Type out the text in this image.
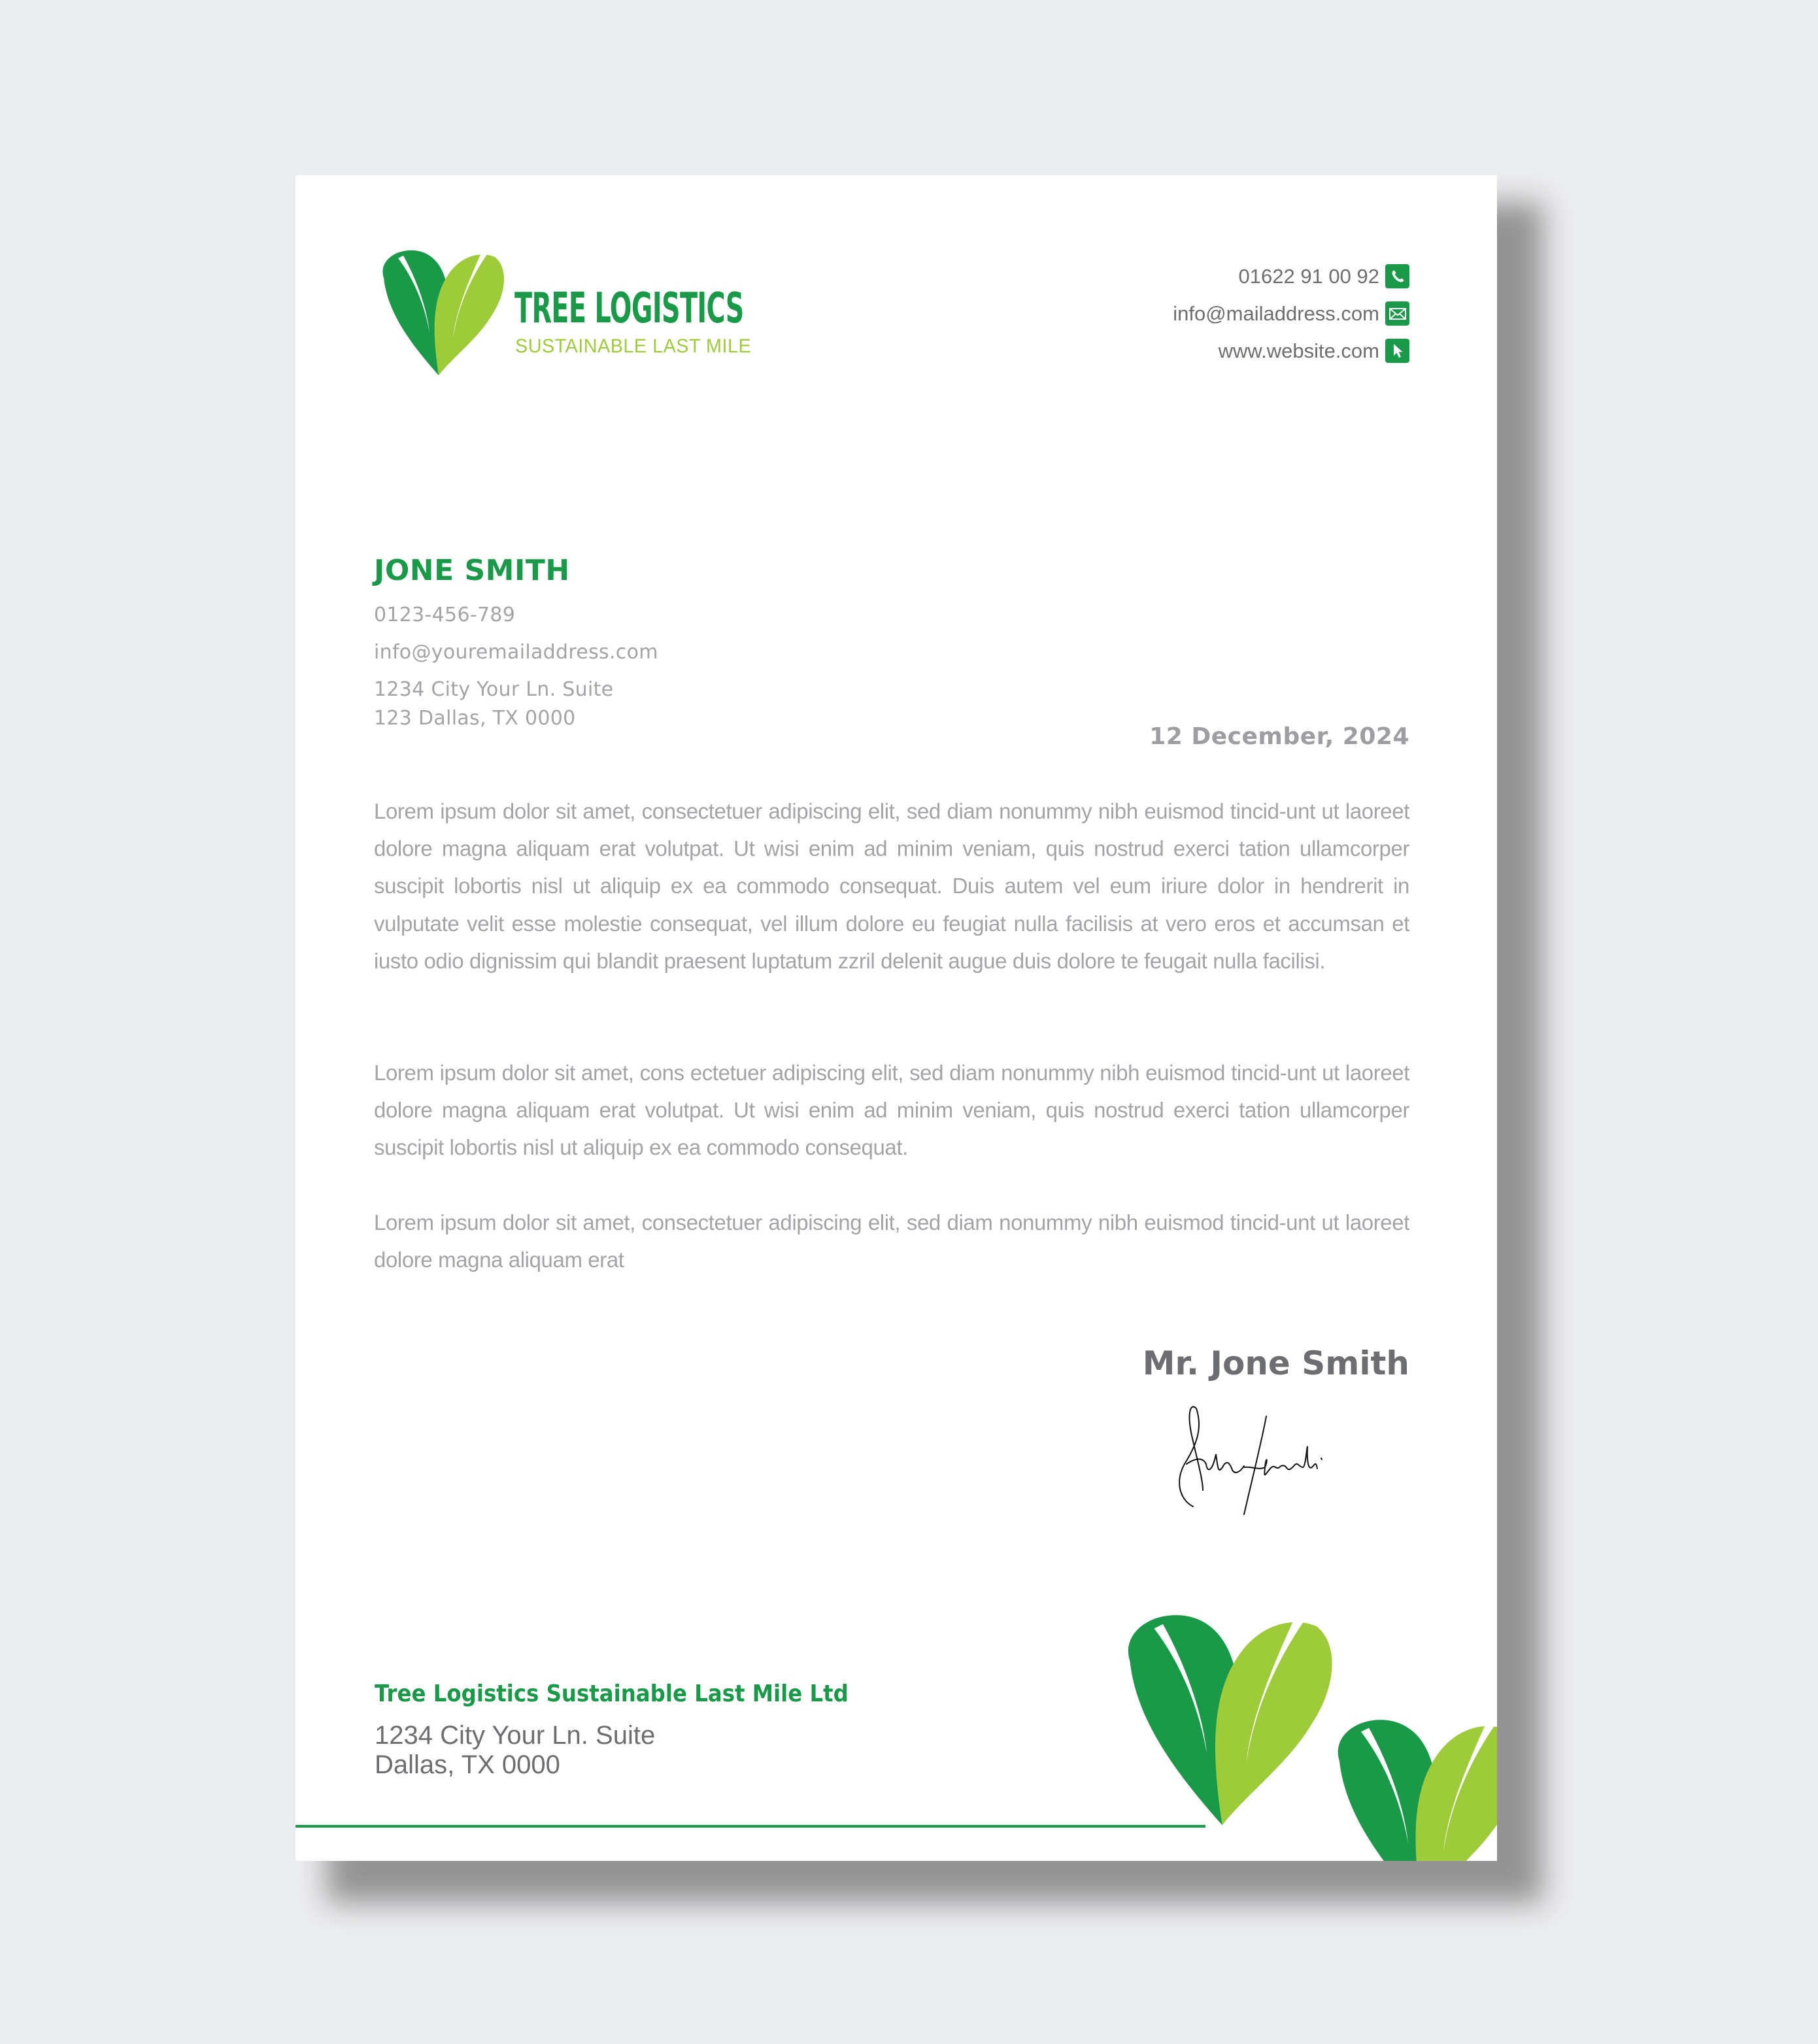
TREE LOGISTICS
SUSTAINABLE LAST MILE
01622 91 00 92
info@mailaddress.com
www.website.com
JONE SMITH
0123-456-789
info@youremailaddress.com
1234 City Your Ln. Suite
123 Dallas, TX 0000
12 December, 2024
Lorem ipsum dolor sit amet, consectetuer adipiscing elit, sed diam nonummy nibh euismod tincid-unt ut laoreet dolore magna aliquam erat volutpat. Ut wisi enim ad minim veniam, quis nostrud exerci tation ullamcorper suscipit lobortis nisl ut aliquip ex ea commodo consequat. Duis autem vel eum iriure dolor in hendrerit in vulputate velit esse molestie consequat, vel illum dolore eu feugiat nulla facilisis at vero eros et accumsan et iusto odio dignissim qui blandit praesent luptatum zzril delenit augue duis dolore te feugait nulla facilisi.
Lorem ipsum dolor sit amet, cons ectetuer adipiscing elit, sed diam nonummy nibh euismod tincid-unt ut laoreet dolore magna aliquam erat volutpat. Ut wisi enim ad minim veniam, quis nostrud exerci tation ullamcorper suscipit lobortis nisl ut aliquip ex ea commodo consequat.
Lorem ipsum dolor sit amet, consectetuer adipiscing elit, sed diam nonummy nibh euismod tincid-unt ut laoreet dolore magna aliquam erat
Mr. Jone Smith
Tree Logistics Sustainable Last Mile Ltd
1234 City Your Ln. Suite
Dallas, TX 0000
